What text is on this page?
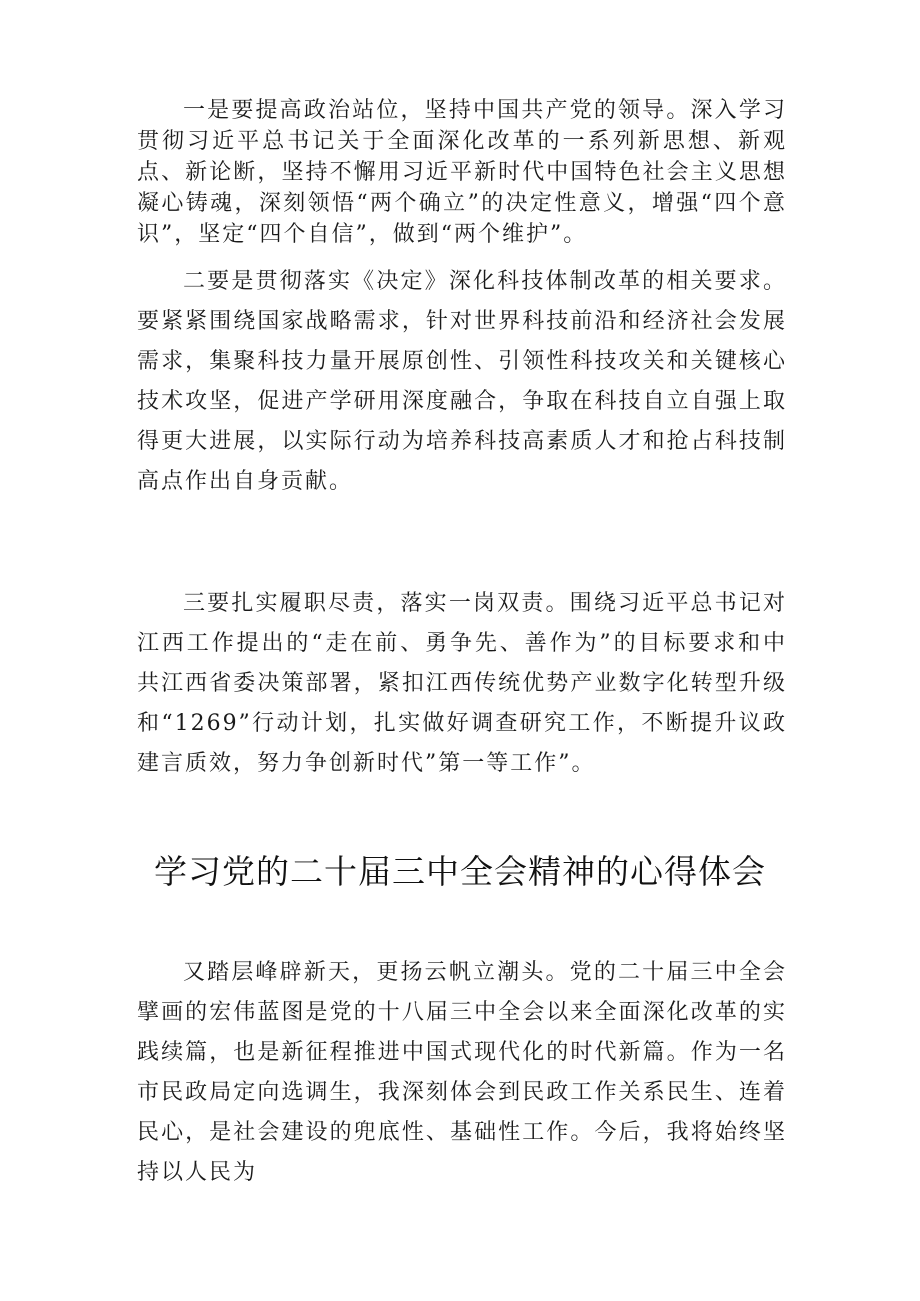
一是要提高政治站位，坚持中国共产党的领导。深入学习贯彻习近平总书记关于全面深化改革的一系列新思想、新观点、新论断，坚持不懈用习近平新时代中国特色社会主义思想凝心铸魂，深刻领悟“两个确立”的决定性意义，增强“四个意识”，坚定“四个自信”，做到“两个维护”。

二要是贯彻落实《决定》深化科技体制改革的相关要求。要紧紧围绕国家战略需求，针对世界科技前沿和经济社会发展需求，集聚科技力量开展原创性、引领性科技攻关和关键核心技术攻坚，促进产学研用深度融合，争取在科技自立自强上取得更大进展，以实际行动为培养科技高素质人才和抢占科技制高点作出自身贡献。

三要扎实履职尽责，落实一岗双责。围绕习近平总书记对江西工作提出的“走在前、勇争先、善作为”的目标要求和中共江西省委决策部署，紧扣江西传统优势产业数字化转型升级和“1269”行动计划，扎实做好调查研究工作，不断提升议政建言质效，努力争创新时代”第一等工作”。

学习党的二十届三中全会精神的心得体会

又踏层峰辟新天，更扬云帆立潮头。党的二十届三中全会擘画的宏伟蓝图是党的十八届三中全会以来全面深化改革的实践续篇，也是新征程推进中国式现代化的时代新篇。作为一名市民政局定向选调生，我深刻体会到民政工作关系民生、连着民心，是社会建设的兜底性、基础性工作。今后，我将始终坚持以人民为
